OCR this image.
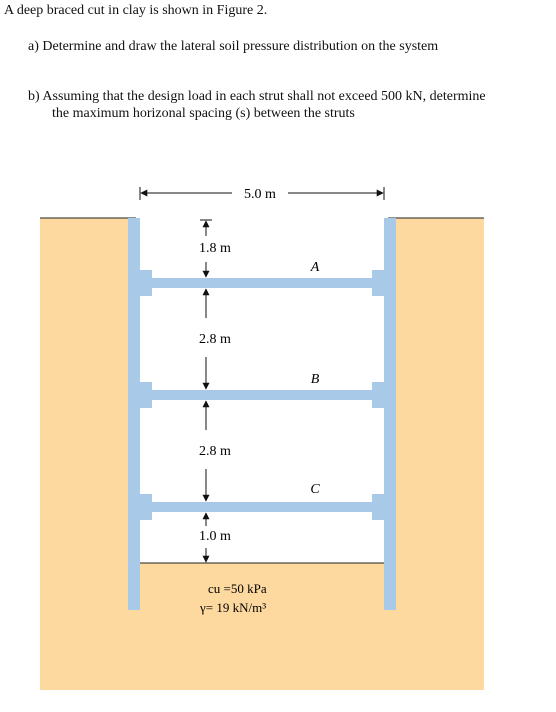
A deep braced cut in clay is shown in Figure 2.
a) Determine and draw the lateral soil pressure distribution on the system
b) Assuming that the design load in each strut shall not exceed 500 kN, determine
the maximum horizonal spacing (s) between the struts
5.0 m
1.8 m
2.8 m
2.8 m
1.0 m
A
B
C
cu =50 kPa
γ= 19 kN/m³
